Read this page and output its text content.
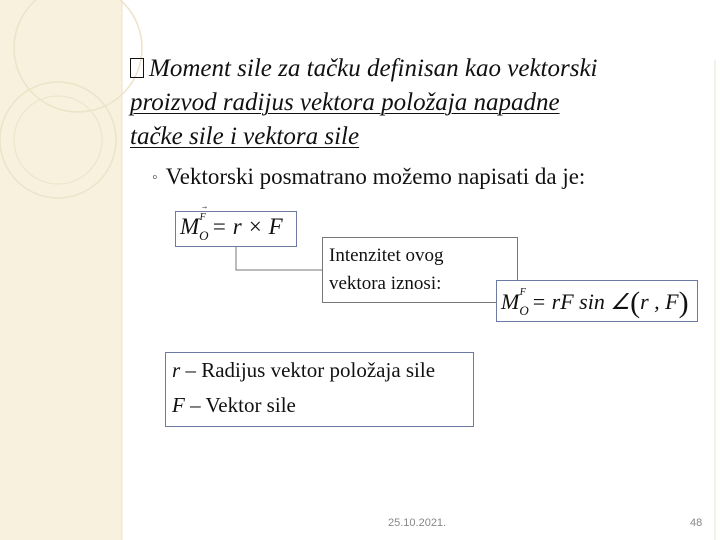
Moment sile za tačku definisan kao vektorski
proizvod radijus vektora položaja napadne
tačke sile i vektora sile
◦ Vektorski posmatrano možemo napisati da je:
$M_O^F = r \times F$
Intenzitet ovog
vektora iznosi:
$M_O^F$ = rF sin ∠(r , F)
r – Radijus vektor položaja sile
F – Vektor sile
25.10.2021.	48
